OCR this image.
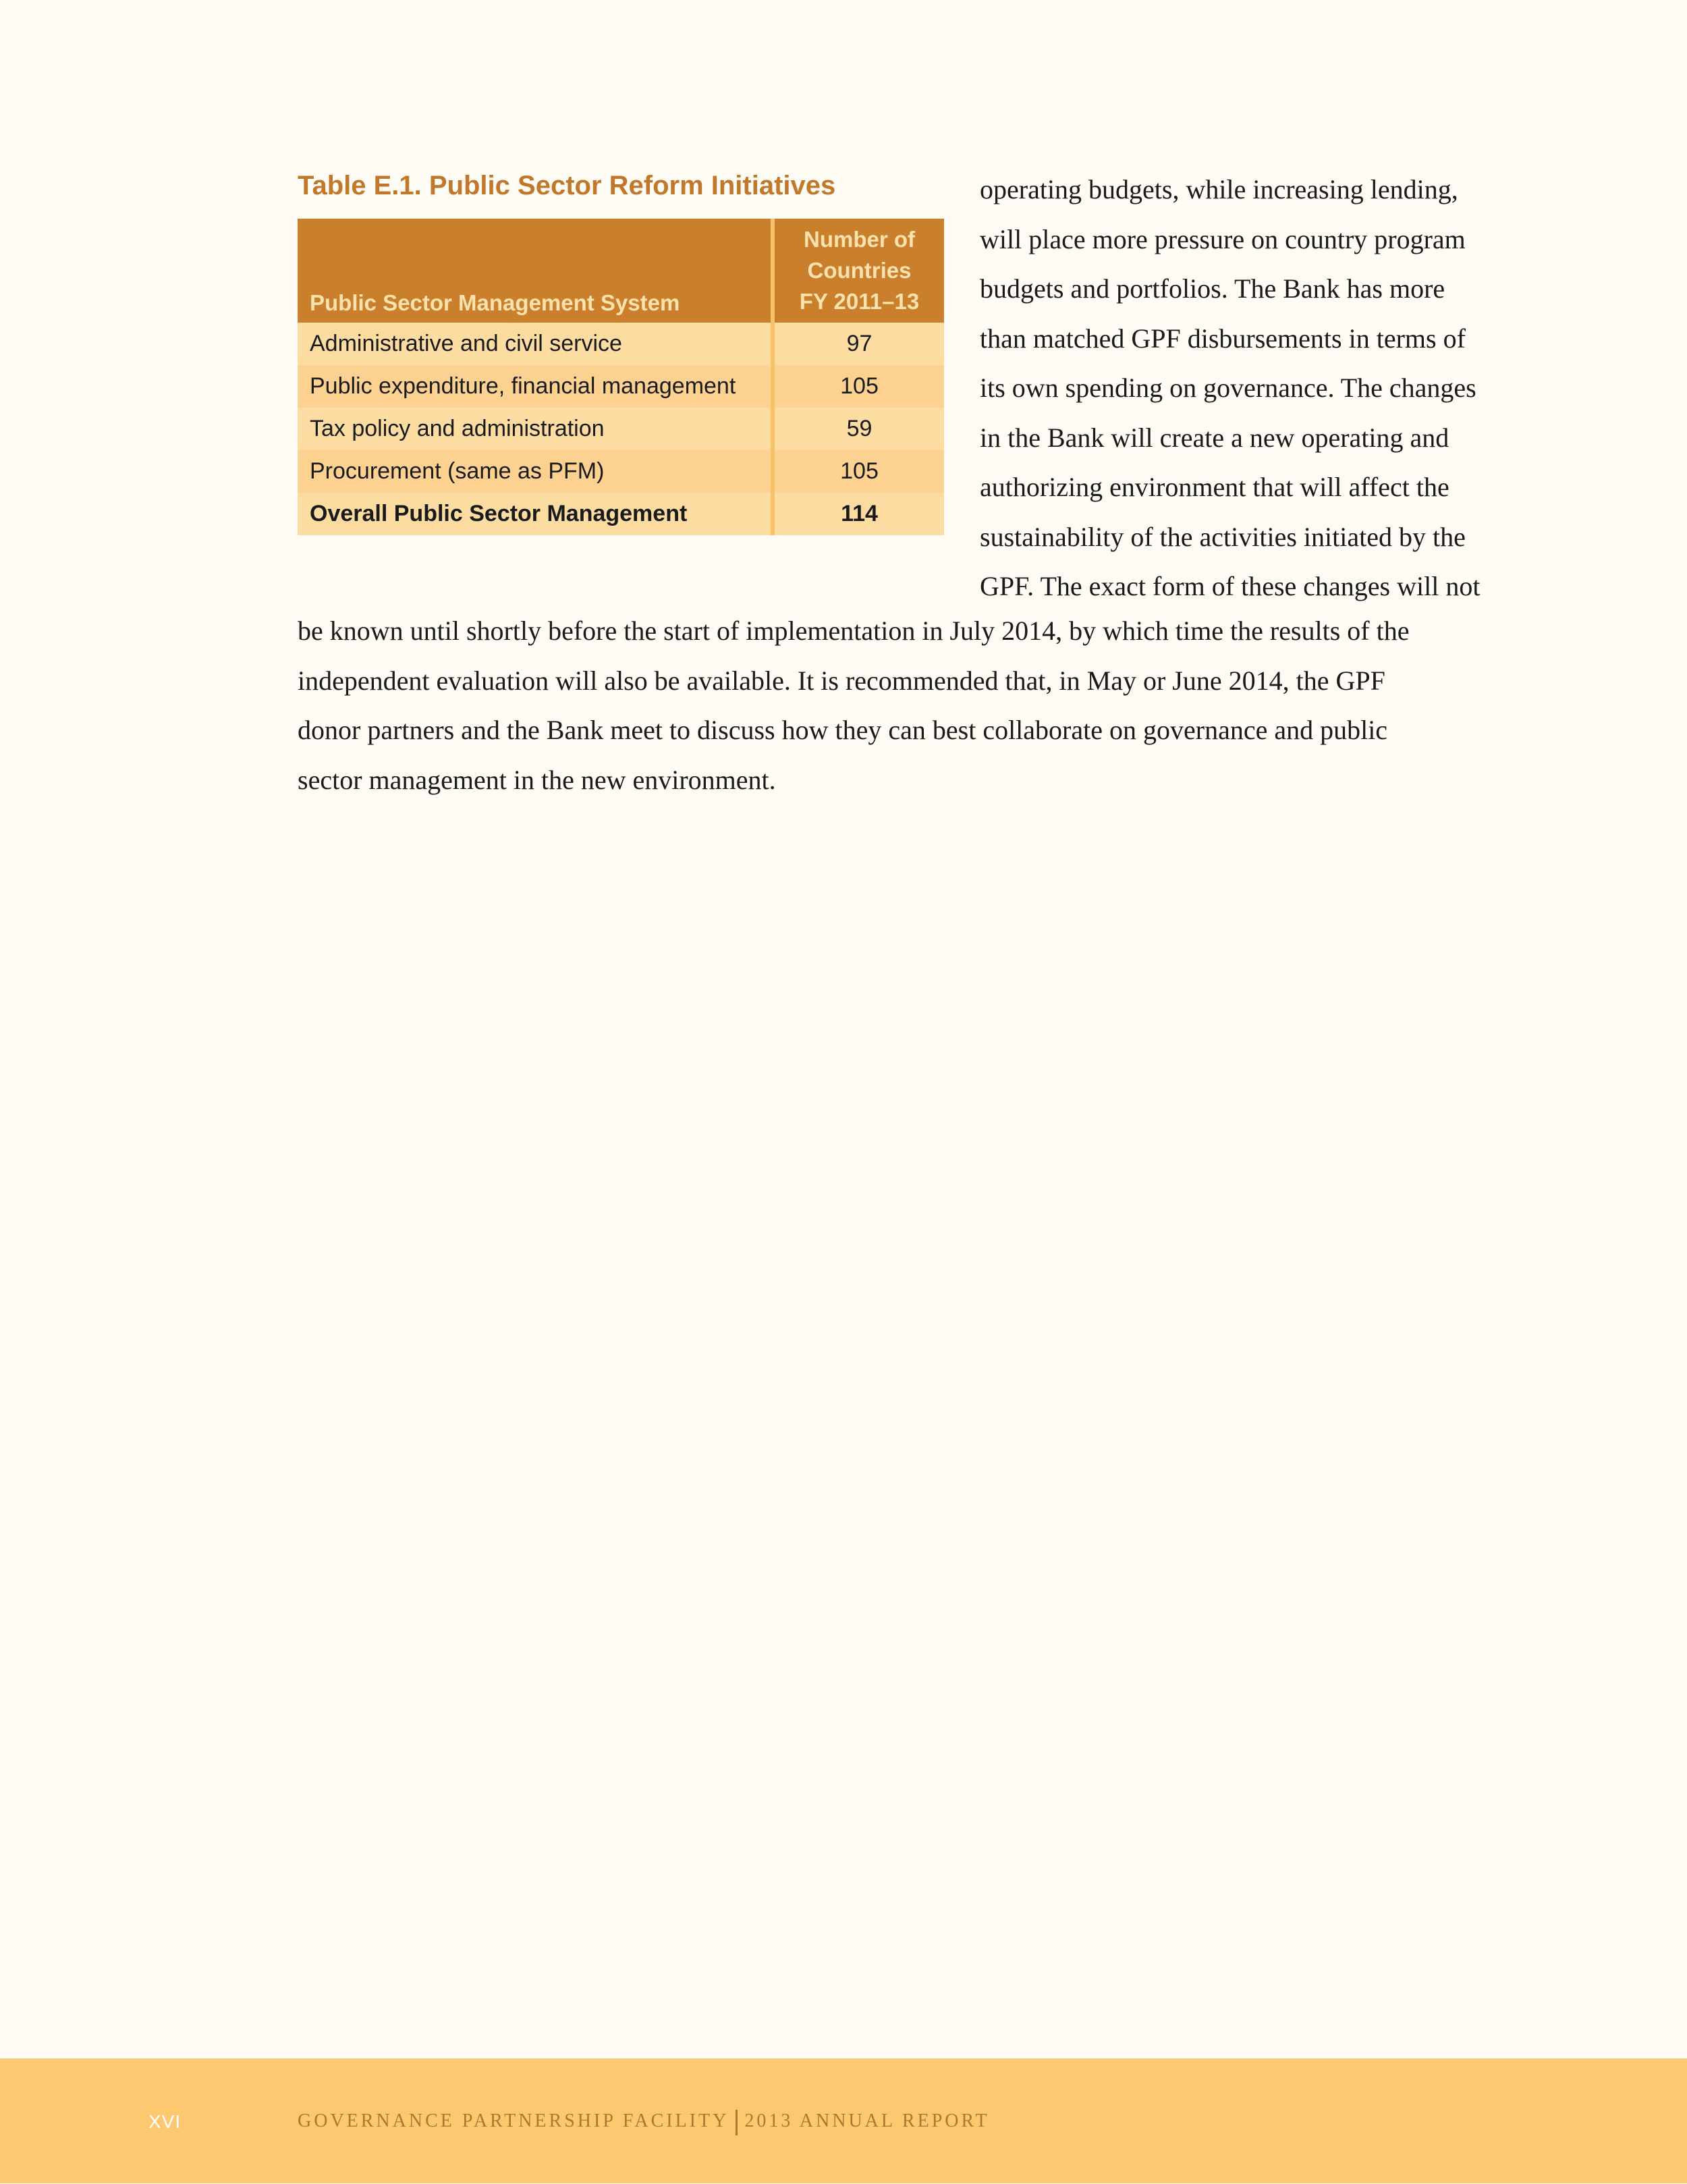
Table E.1. Public Sector Reform Initiatives
Public Sector Management System	Number of
Countries
FY 2011–13

Administrative and civil service	97
Public expenditure, financial management	105
Tax policy and administration	59
Procurement (same as PFM)	105
Overall Public Sector Management	114
operating budgets, while increasing lending,
will place more pressure on country program
budgets and portfolios. The Bank has more
than matched GPF disbursements in terms of
its own spending on governance. The changes
in the Bank will create a new operating and
authorizing environment that will affect the
sustainability of the activities initiated by the
GPF. The exact form of these changes will not
be known until shortly before the start of implementation in July 2014, by which time the results of the
independent evaluation will also be available. It is recommended that, in May or June 2014, the GPF
donor partners and the Bank meet to discuss how they can best collaborate on governance and public
sector management in the new environment.
XVI	GOVERNANCE PARTNERSHIP FACILITY 2013 ANNUAL REPORT
